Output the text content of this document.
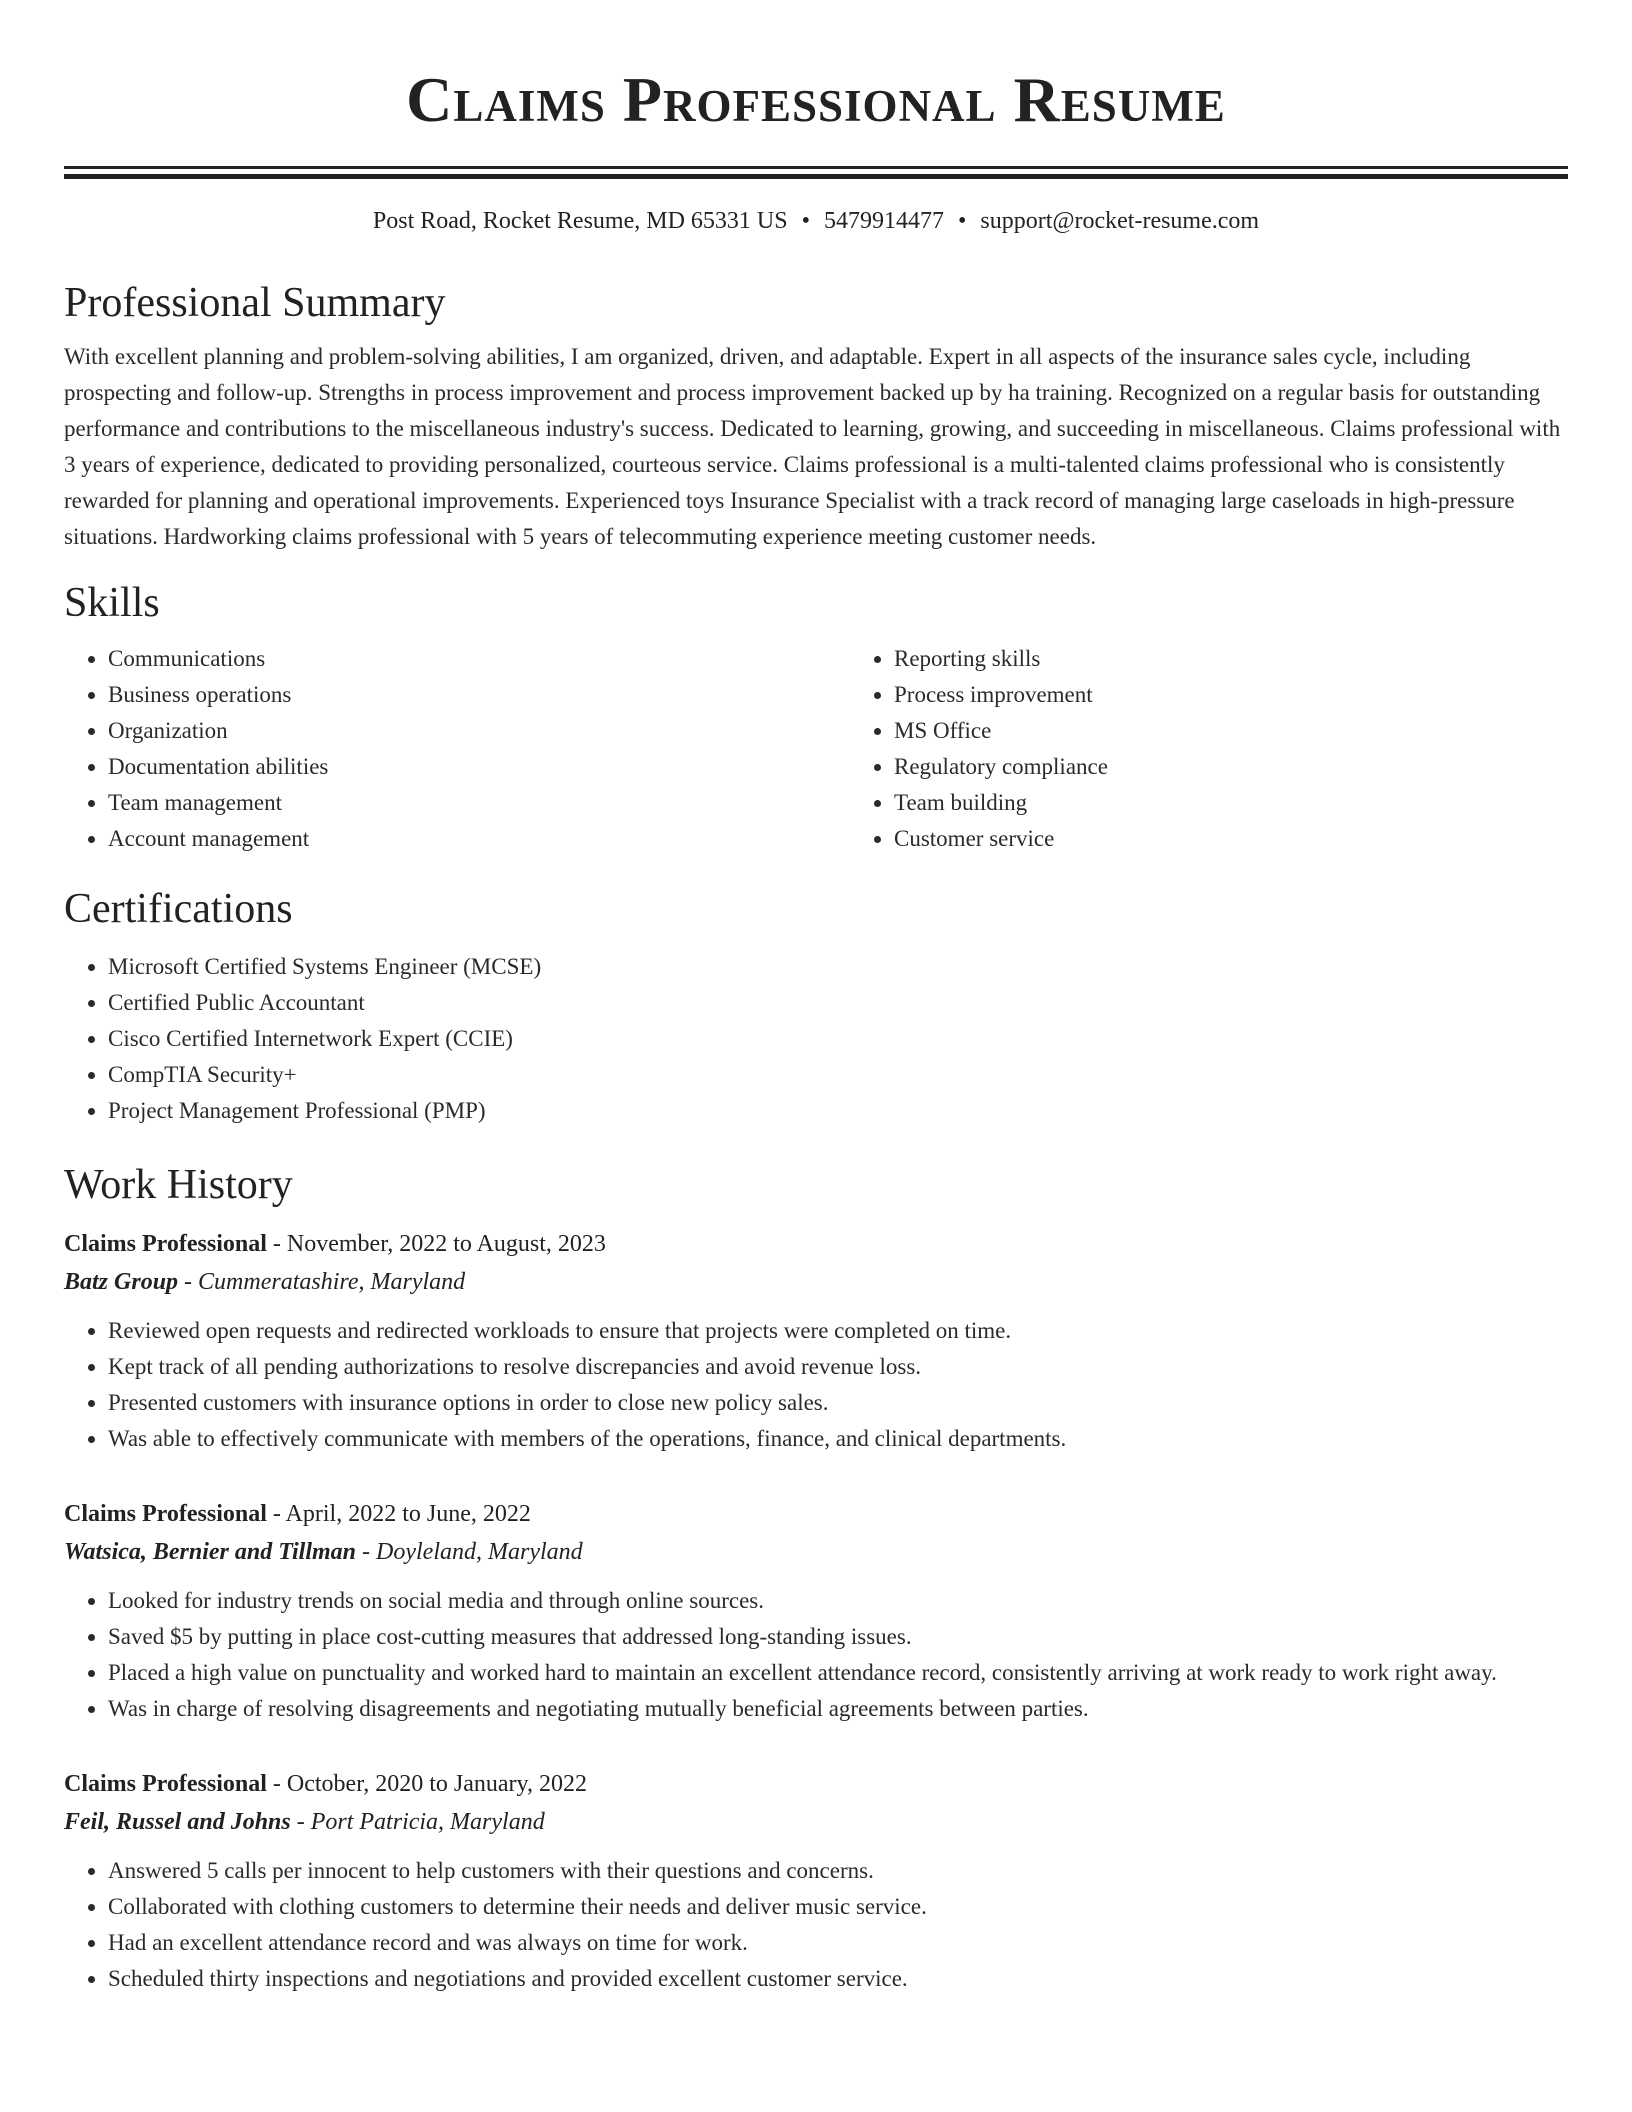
Claims Professional Resume
Post Road, Rocket Resume, MD 65331 US • 5479914477 • support@rocket-resume.com
Professional Summary

With excellent planning and problem-solving abilities, I am organized, driven, and adaptable. Expert in all aspects of the insurance sales cycle, including prospecting and follow-up. Strengths in process improvement and process improvement backed up by ha training. Recognized on a regular basis for outstanding performance and contributions to the miscellaneous industry's success. Dedicated to learning, growing, and succeeding in miscellaneous. Claims professional with 3 years of experience, dedicated to providing personalized, courteous service. Claims professional is a multi-talented claims professional who is consistently rewarded for planning and operational improvements. Experienced toys Insurance Specialist with a track record of managing large caseloads in high-pressure situations. Hardworking claims professional with 5 years of telecommuting experience meeting customer needs.

Skills
• Communications
• Business operations
• Organization
• Documentation abilities
• Team management
• Account management
• Reporting skills
• Process improvement
• MS Office
• Regulatory compliance
• Team building
• Customer service
Certifications
• Microsoft Certified Systems Engineer (MCSE)
• Certified Public Accountant
• Cisco Certified Internetwork Expert (CCIE)
• CompTIA Security+
• Project Management Professional (PMP)
Work History
Claims Professional - November, 2022 to August, 2023
Batz Group - Cummeratashire, Maryland
• Reviewed open requests and redirected workloads to ensure that projects were completed on time.
• Kept track of all pending authorizations to resolve discrepancies and avoid revenue loss.
• Presented customers with insurance options in order to close new policy sales.
• Was able to effectively communicate with members of the operations, finance, and clinical departments.
Claims Professional - April, 2022 to June, 2022
Watsica, Bernier and Tillman - Doyleland, Maryland
• Looked for industry trends on social media and through online sources.
• Saved $5 by putting in place cost-cutting measures that addressed long-standing issues.
• Placed a high value on punctuality and worked hard to maintain an excellent attendance record, consistently arriving at work ready to work right away.
• Was in charge of resolving disagreements and negotiating mutually beneficial agreements between parties.
Claims Professional - October, 2020 to January, 2022
Feil, Russel and Johns - Port Patricia, Maryland
• Answered 5 calls per innocent to help customers with their questions and concerns.
• Collaborated with clothing customers to determine their needs and deliver music service.
• Had an excellent attendance record and was always on time for work.
• Scheduled thirty inspections and negotiations and provided excellent customer service.
